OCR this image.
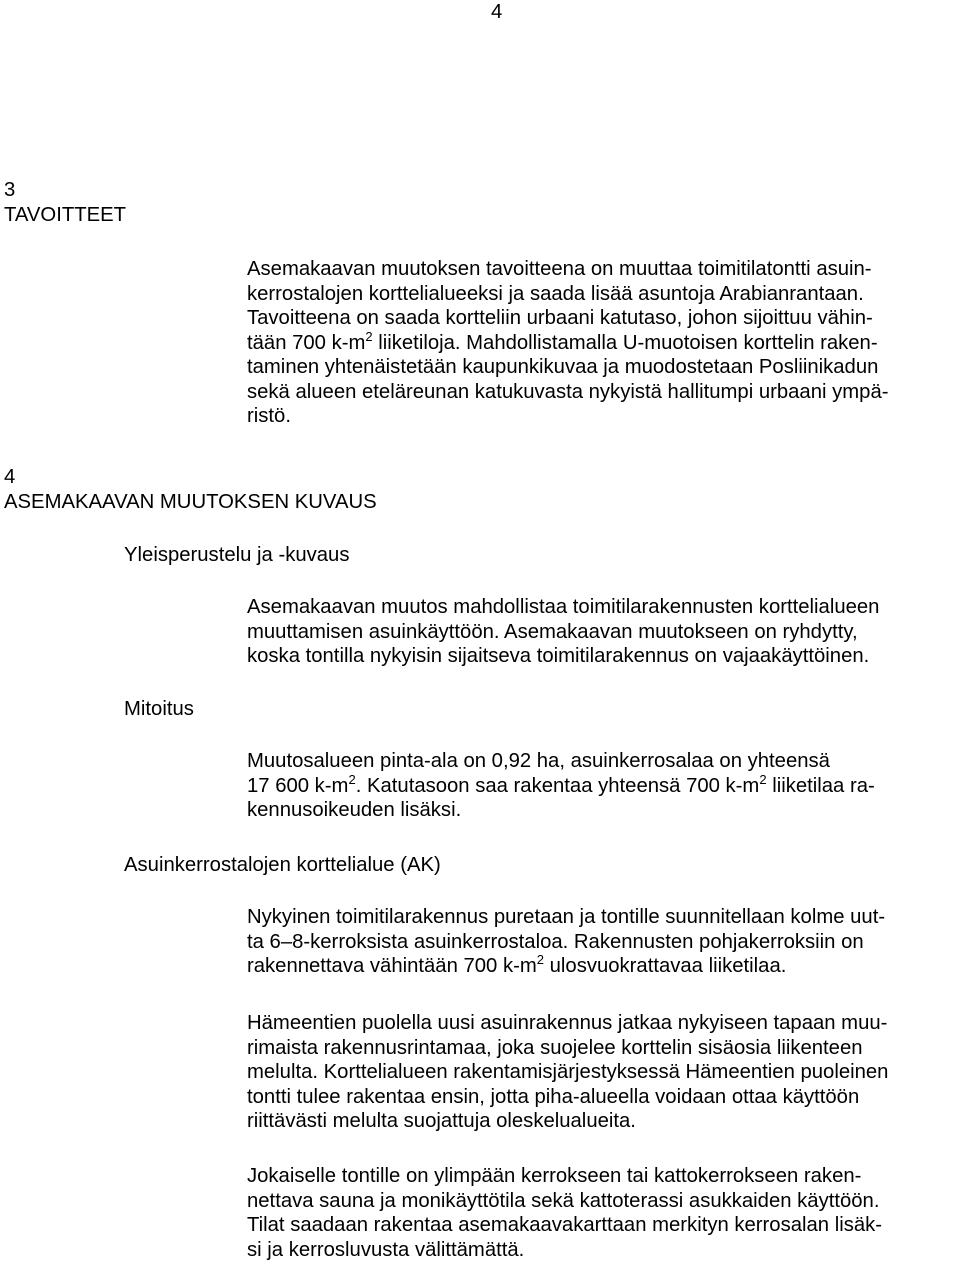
4
3
TAVOITTEET
Asemakaavan muutoksen tavoitteena on muuttaa toimitilatontti asuin-
kerrostalojen korttelialueeksi ja saada lisää asuntoja Arabianrantaan.
Tavoitteena on saada kortteliin urbaani katutaso, johon sijoittuu vähin-
tään 700 $k-m^2$ liiketiloja. Mahdollistamalla U-muotoisen korttelin raken-
taminen yhtenäistetään kaupunkikuvaa ja muodostetaan Posliinikadun
sekä alueen eteläreunan katukuvasta nykyistä hallitumpi urbaani ympä-
ristö.
4
ASEMAKAAVAN MUUTOKSEN KUVAUS
Yleisperustelu ja -kuvaus
Asemakaavan muutos mahdollistaa toimitilarakennusten korttelialueen
muuttamisen asuinkäyttöön. Asemakaavan muutokseen on ryhdytty,
koska tontilla nykyisin sijaitseva toimitilarakennus on vajaakäyttöinen.
Mitoitus
Muutosalueen pinta-ala on 0,92 ha, asuinkerrosalaa on yhteensä
17 600 $k-m^2$. Katutasoon saa rakentaa yhteensä 700 $k-m^2$ liiketilaa ra-
kennusoikeuden lisäksi.
Asuinkerrostalojen korttelialue (AK)
Nykyinen toimitilarakennus puretaan ja tontille suunnitellaan kolme uut-
ta 6–8-kerroksista asuinkerrostaloa. Rakennusten pohjakerroksiin on
rakennettava vähintään 700 $k-m^2$ ulosvuokrattavaa liiketilaa.
Hämeentien puolella uusi asuinrakennus jatkaa nykyiseen tapaan muu-
rimaista rakennusrintamaa, joka suojelee korttelin sisäosia liikenteen
melulta. Korttelialueen rakentamisjärjestyksessä Hämeentien puoleinen
tontti tulee rakentaa ensin, jotta piha-alueella voidaan ottaa käyttöön
riittävästi melulta suojattuja oleskelualueita.
Jokaiselle tontille on ylimpään kerrokseen tai kattokerrokseen raken-
nettava sauna ja monikäyttötila sekä kattoterassi asukkaiden käyttöön.
Tilat saadaan rakentaa asemakaavakarttaan merkityn kerrosalan lisäk-
si ja kerrosluvusta välittämättä.
